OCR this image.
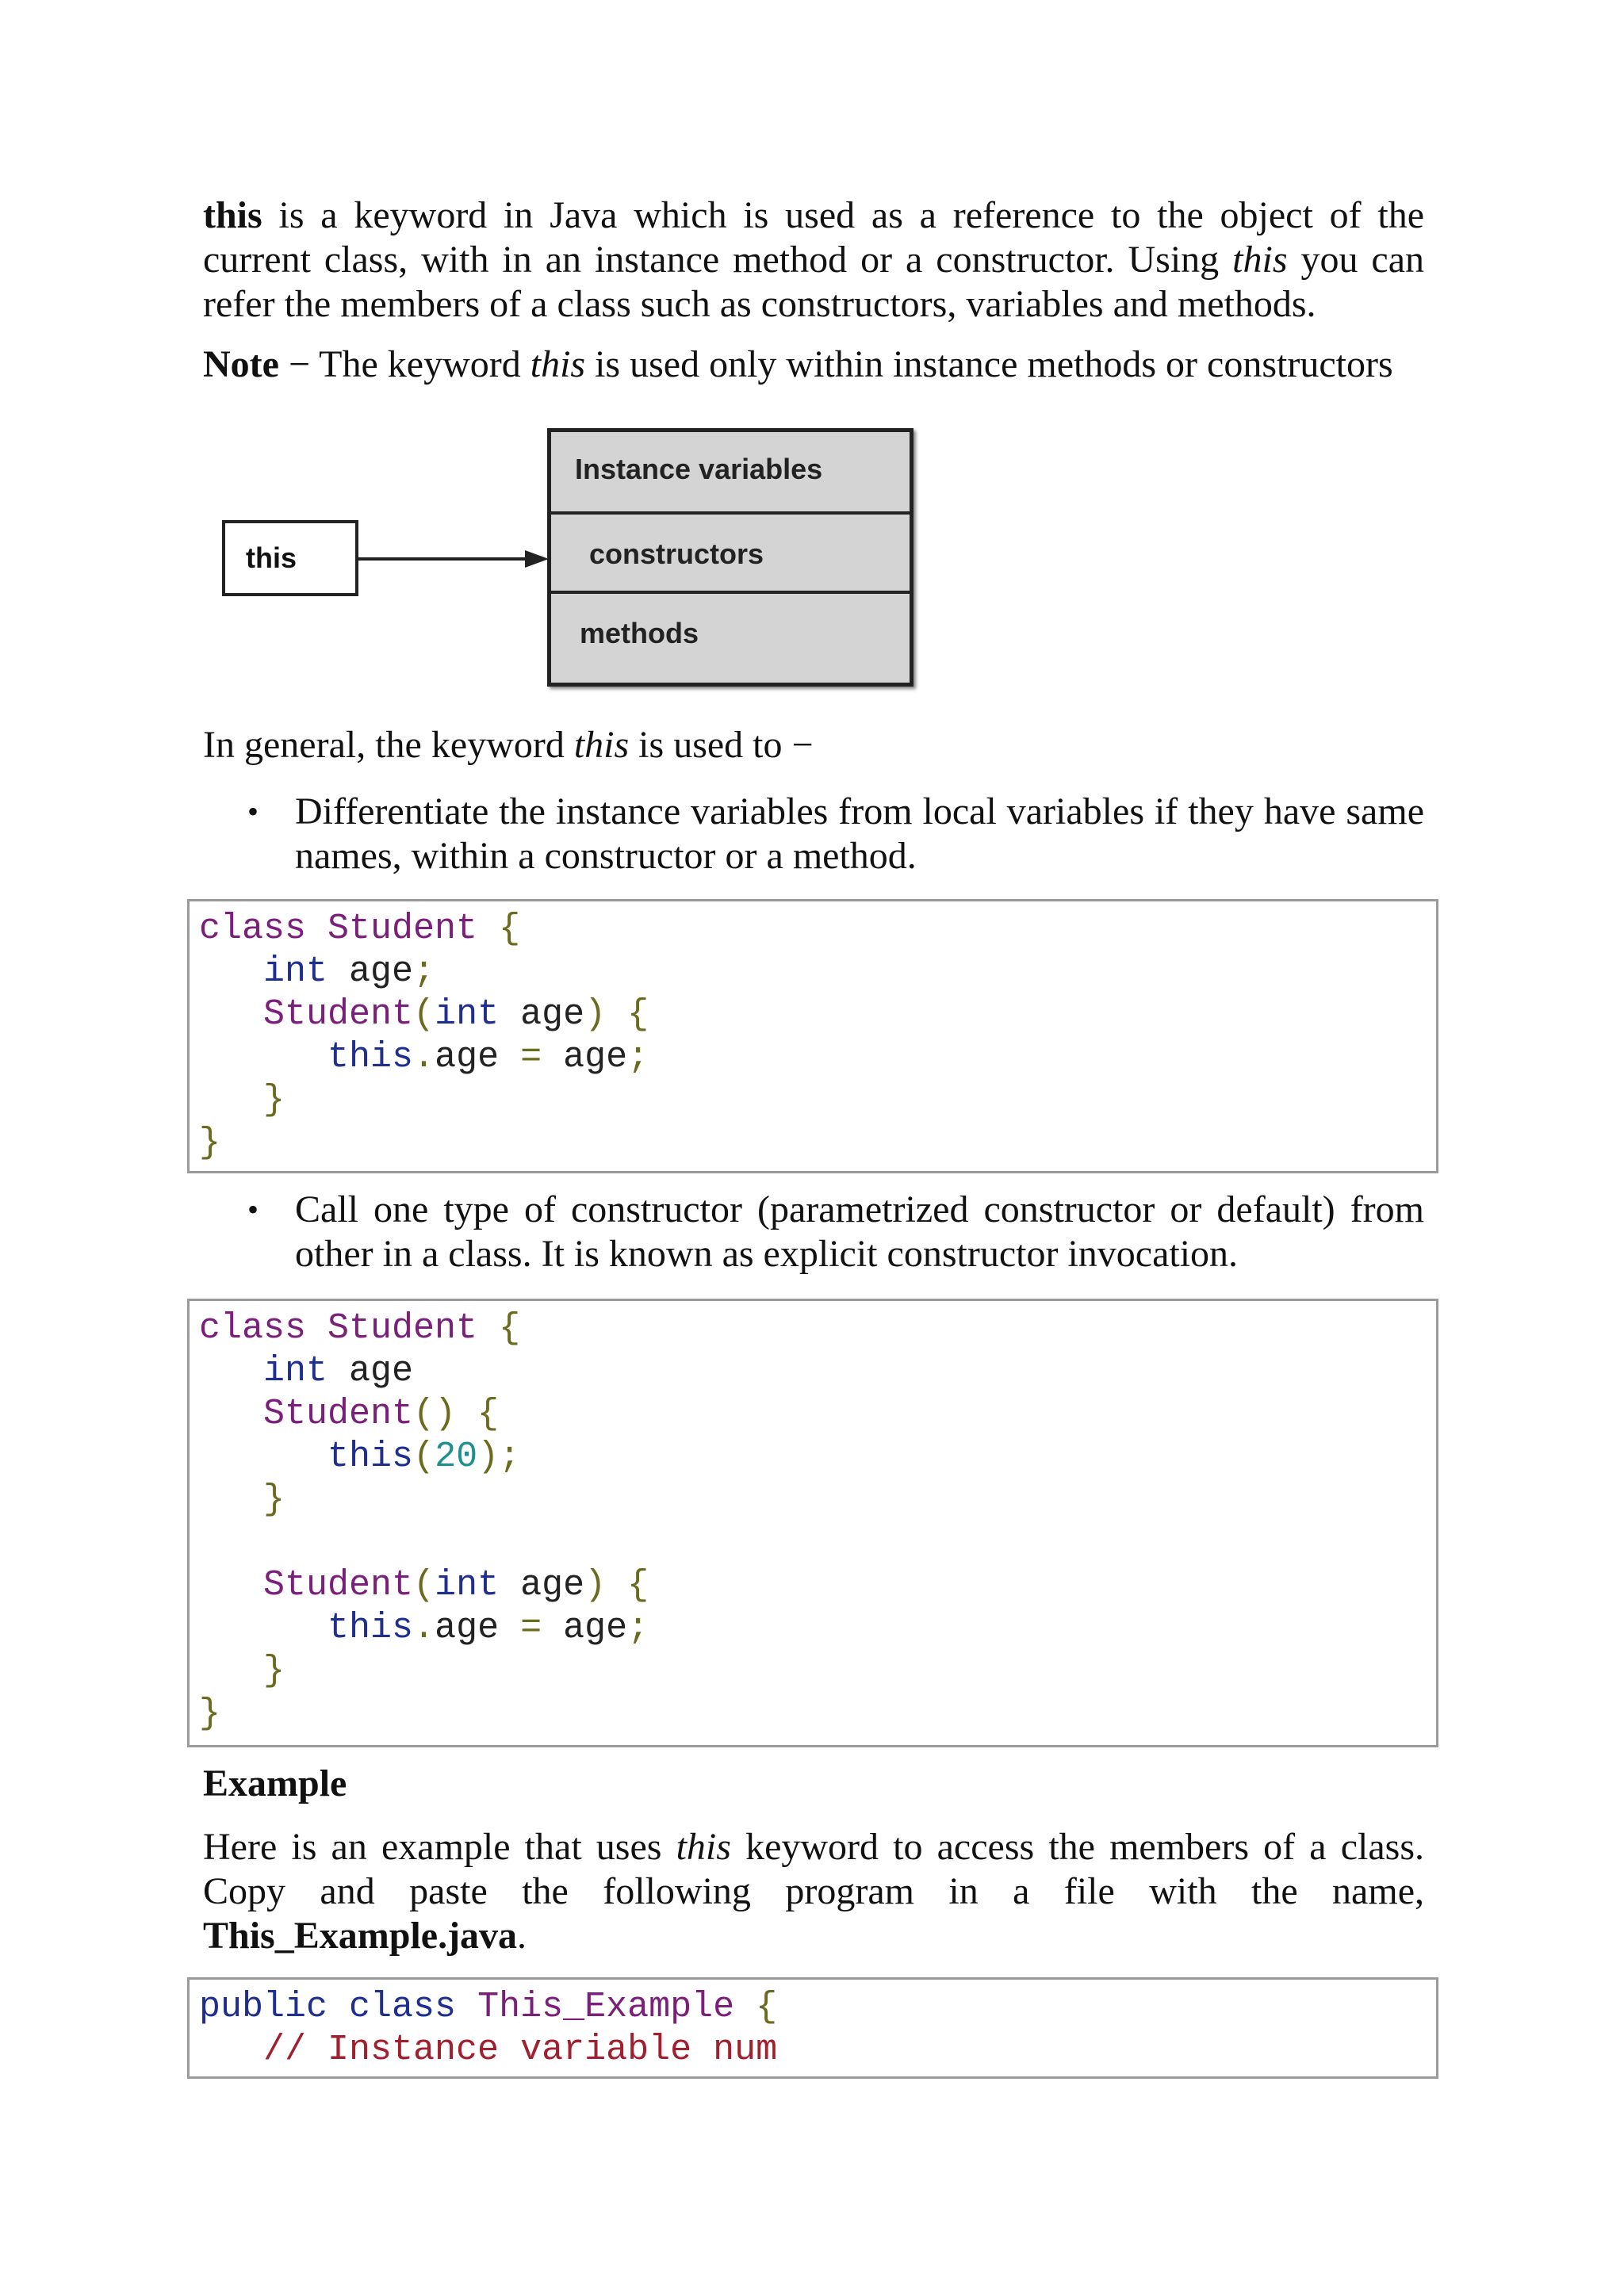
this is a keyword in Java which is used as a reference to the object of the current class, with in an instance method or a constructor. Using this you can refer the members of a class such as constructors, variables and methods.

Note − The keyword this is used only within instance methods or constructors

this
Instance variables
constructors
methods

In general, the keyword this is used to −

• Differentiate the instance variables from local variables if they have same names, within a constructor or a method.
class Student {
int age;
Student(int age) {
this.age = age;
}
}
• Call one type of constructor (parametrized constructor or default) from other in a class. It is known as explicit constructor invocation.
class Student {
int age
Student() {
this(20);
}
Student(int age) {
this.age = age;
}
}

Example

Here is an example that uses this keyword to access the members of a class. Copy and paste the following program in a file with the name, This_Example.java.

public class This_Example {
// Instance variable num
